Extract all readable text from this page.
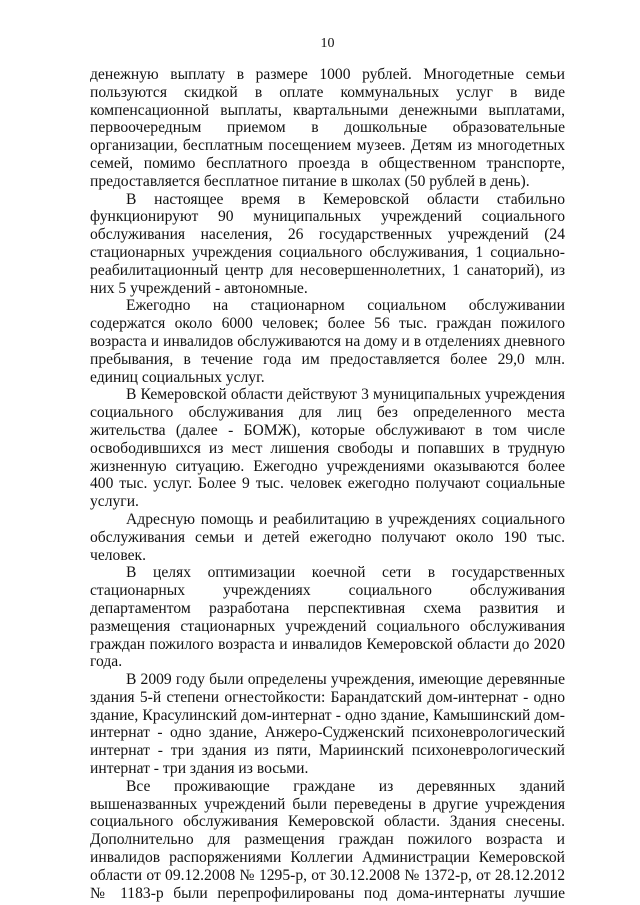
10

денежную выплату в размере 1000 рублей. Многодетные семьи пользуются скидкой в оплате коммунальных услуг в виде компенсационной выплаты, квартальными денежными выплатами, первоочередным приемом в дошкольные образовательные организации, бесплатным посещением музеев. Детям из многодетных семей, помимо бесплатного проезда в общественном транспорте, предоставляется бесплатное питание в школах (50 рублей в день).

В настоящее время в Кемеровской области стабильно функционируют 90 муниципальных учреждений социального обслуживания населения, 26 государственных учреждений (24 стационарных учреждения социального обслуживания, 1 социально-реабилитационный центр для несовершеннолетних, 1 санаторий), из них 5 учреждений - автономные.

Ежегодно на стационарном социальном обслуживании содержатся около 6000 человек; более 56 тыс. граждан пожилого возраста и инвалидов обслуживаются на дому и в отделениях дневного пребывания, в течение года им предоставляется более 29,0 млн. единиц социальных услуг.

В Кемеровской области действуют 3 муниципальных учреждения социального обслуживания для лиц без определенного места жительства (далее - БОМЖ), которые обслуживают в том числе освободившихся из мест лишения свободы и попавших в трудную жизненную ситуацию. Ежегодно учреждениями оказываются более 400 тыс. услуг. Более 9 тыс. человек ежегодно получают социальные услуги.

Адресную помощь и реабилитацию в учреждениях социального обслуживания семьи и детей ежегодно получают около 190 тыс. человек.

В целях оптимизации коечной сети в государственных стационарных учреждениях социального обслуживания департаментом разработана перспективная схема развития и размещения стационарных учреждений социального обслуживания граждан пожилого возраста и инвалидов Кемеровской области до 2020 года.

В 2009 году были определены учреждения, имеющие деревянные здания 5-й степени огнестойкости: Барандатский дом-интернат - одно здание, Красулинский дом-интернат - одно здание, Камышинский дом-интернат - одно здание, Анжеро-Судженский психоневрологический интернат - три здания из пяти, Мариинский психоневрологический интернат - три здания из восьми.

Все проживающие граждане из деревянных зданий вышеназванных учреждений были переведены в другие учреждения социального обслуживания Кемеровской области. Здания снесены. Дополнительно для размещения граждан пожилого возраста и инвалидов распоряжениями Коллегии Администрации Кемеровской области от 09.12.2008 № 1295-р, от 30.12.2008 № 1372-р, от 28.12.2012 № 1183-р были перепрофилированы под дома-интернаты лучшие
